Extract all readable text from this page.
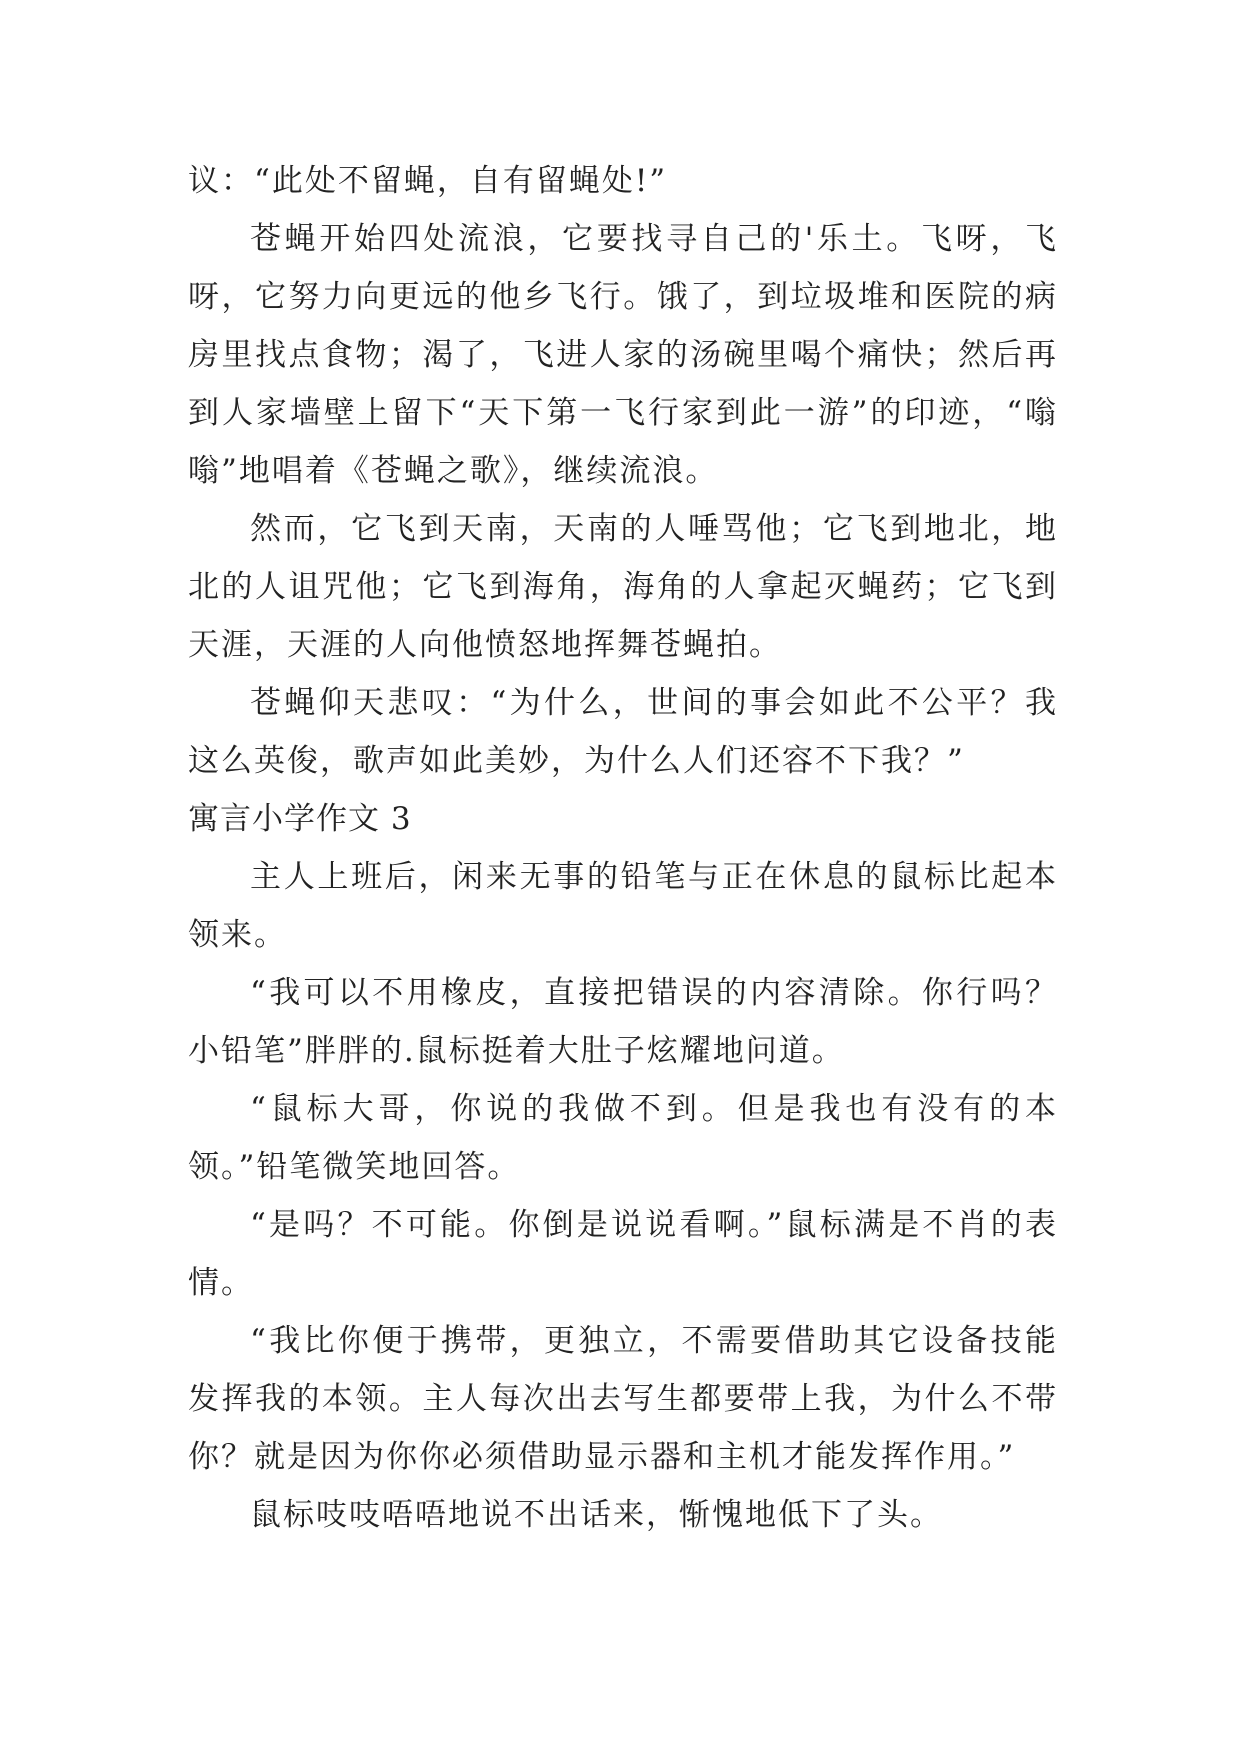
议：“此处不留蝇，自有留蝇处!”

苍蝇开始四处流浪，它要找寻自己的'乐土。飞呀，飞呀，它努力向更远的他乡飞行。饿了，到垃圾堆和医院的病房里找点食物；渴了，飞进人家的汤碗里喝个痛快；然后再到人家墙壁上留下“天下第一飞行家到此一游”的印迹，“嗡嗡”地唱着《苍蝇之歌》，继续流浪。

然而，它飞到天南，天南的人唾骂他；它飞到地北，地北的人诅咒他；它飞到海角，海角的人拿起灭蝇药；它飞到天涯，天涯的人向他愤怒地挥舞苍蝇拍。

苍蝇仰天悲叹：“为什么，世间的事会如此不公平？我这么英俊，歌声如此美妙，为什么人们还容不下我？”

寓言小学作文 3

主人上班后，闲来无事的铅笔与正在休息的鼠标比起本领来。

“我可以不用橡皮，直接把错误的内容清除。你行吗？小铅笔”胖胖的.鼠标挺着大肚子炫耀地问道。

“鼠标大哥，你说的我做不到。但是我也有没有的本领。”铅笔微笑地回答。

“是吗？不可能。你倒是说说看啊。”鼠标满是不肖的表情。

“我比你便于携带，更独立，不需要借助其它设备技能发挥我的本领。主人每次出去写生都要带上我，为什么不带你？就是因为你你必须借助显示器和主机才能发挥作用。”

鼠标吱吱唔唔地说不出话来，惭愧地低下了头。
